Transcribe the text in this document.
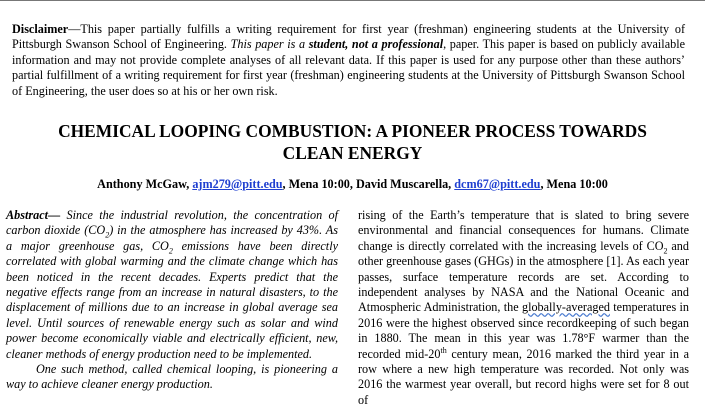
Disclaimer—This paper partially fulfills a writing requirement for first year (freshman) engineering students at the University of Pittsburgh Swanson School of Engineering. This paper is a student, not a professional, paper. This paper is based on publicly available information and may not provide complete analyses of all relevant data. If this paper is used for any purpose other than these authors’ partial fulfillment of a writing requirement for first year (freshman) engineering students at the University of Pittsburgh Swanson School of Engineering, the user does so at his or her own risk.

CHEMICAL LOOPING COMBUSTION: A PIONEER PROCESS TOWARDS
CLEAN ENERGY

Anthony McGaw, ajm279@pitt.edu, Mena 10:00, David Muscarella, dcm67@pitt.edu, Mena 10:00

Abstract— Since the industrial revolution, the concentration of carbon dioxide $(CO_2)$ in the atmosphere has increased by 43%. As a major greenhouse gas, $CO_2$ emissions have been directly correlated with global warming and the climate change which has been noticed in the recent decades. Experts predict that the negative effects range from an increase in natural disasters, to the displacement of millions due to an increase in global average sea level. Until sources of renewable energy such as solar and wind power become economically viable and electrically efficient, new, cleaner methods of energy production need to be implemented.

One such method, called chemical looping, is pioneering a way to achieve cleaner energy production.

rising of the Earth’s temperature that is slated to bring severe environmental and financial consequences for humans. Climate change is directly correlated with the increasing levels of $CO_2$ and other greenhouse gases (GHGs) in the atmosphere [1]. As each year passes, surface temperature records are set. According to independent analyses by NASA and the National Oceanic and Atmospheric Administration, the globally-averaged temperatures in 2016 were the highest observed since recordkeeping of such began in 1880. The mean in this year was 1.78°F warmer than the recorded mid-20th century mean, 2016 marked the third year in a row where a new high temperature was recorded. Not only was 2016 the warmest year overall, but record highs were set for 8 out of
